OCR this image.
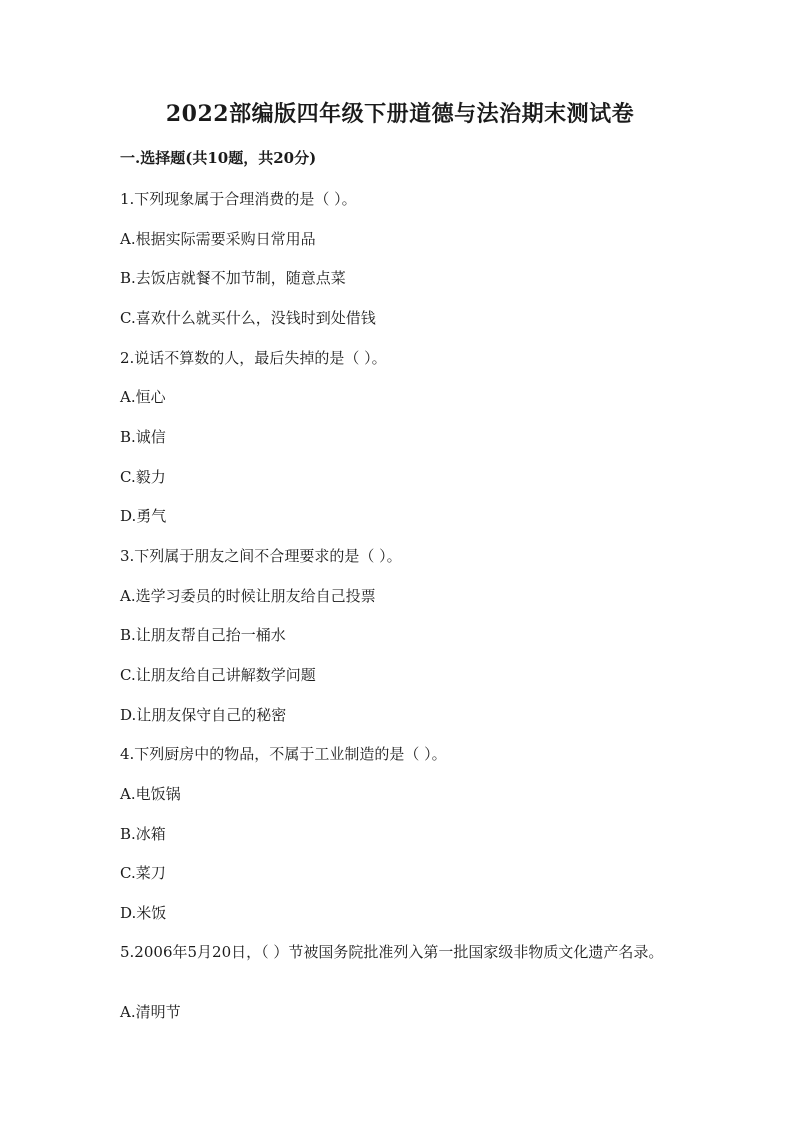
2022部编版四年级下册道德与法治期末测试卷
一.选择题(共10题，共20分)
1.下列现象属于合理消费的是（ ）。
A.根据实际需要采购日常用品
B.去饭店就餐不加节制，随意点菜
C.喜欢什么就买什么，没钱时到处借钱
2.说话不算数的人，最后失掉的是（ ）。
A.恒心
B.诚信
C.毅力
D.勇气
3.下列属于朋友之间不合理要求的是（ ）。
A.选学习委员的时候让朋友给自己投票
B.让朋友帮自己抬一桶水
C.让朋友给自己讲解数学问题
D.让朋友保守自己的秘密
4.下列厨房中的物品，不属于工业制造的是（ ）。
A.电饭锅
B.冰箱
C.菜刀
D.米饭
5.2006年5月20日，（ ）节被国务院批准列入第一批国家级非物质文化遗产名录。
A.清明节
